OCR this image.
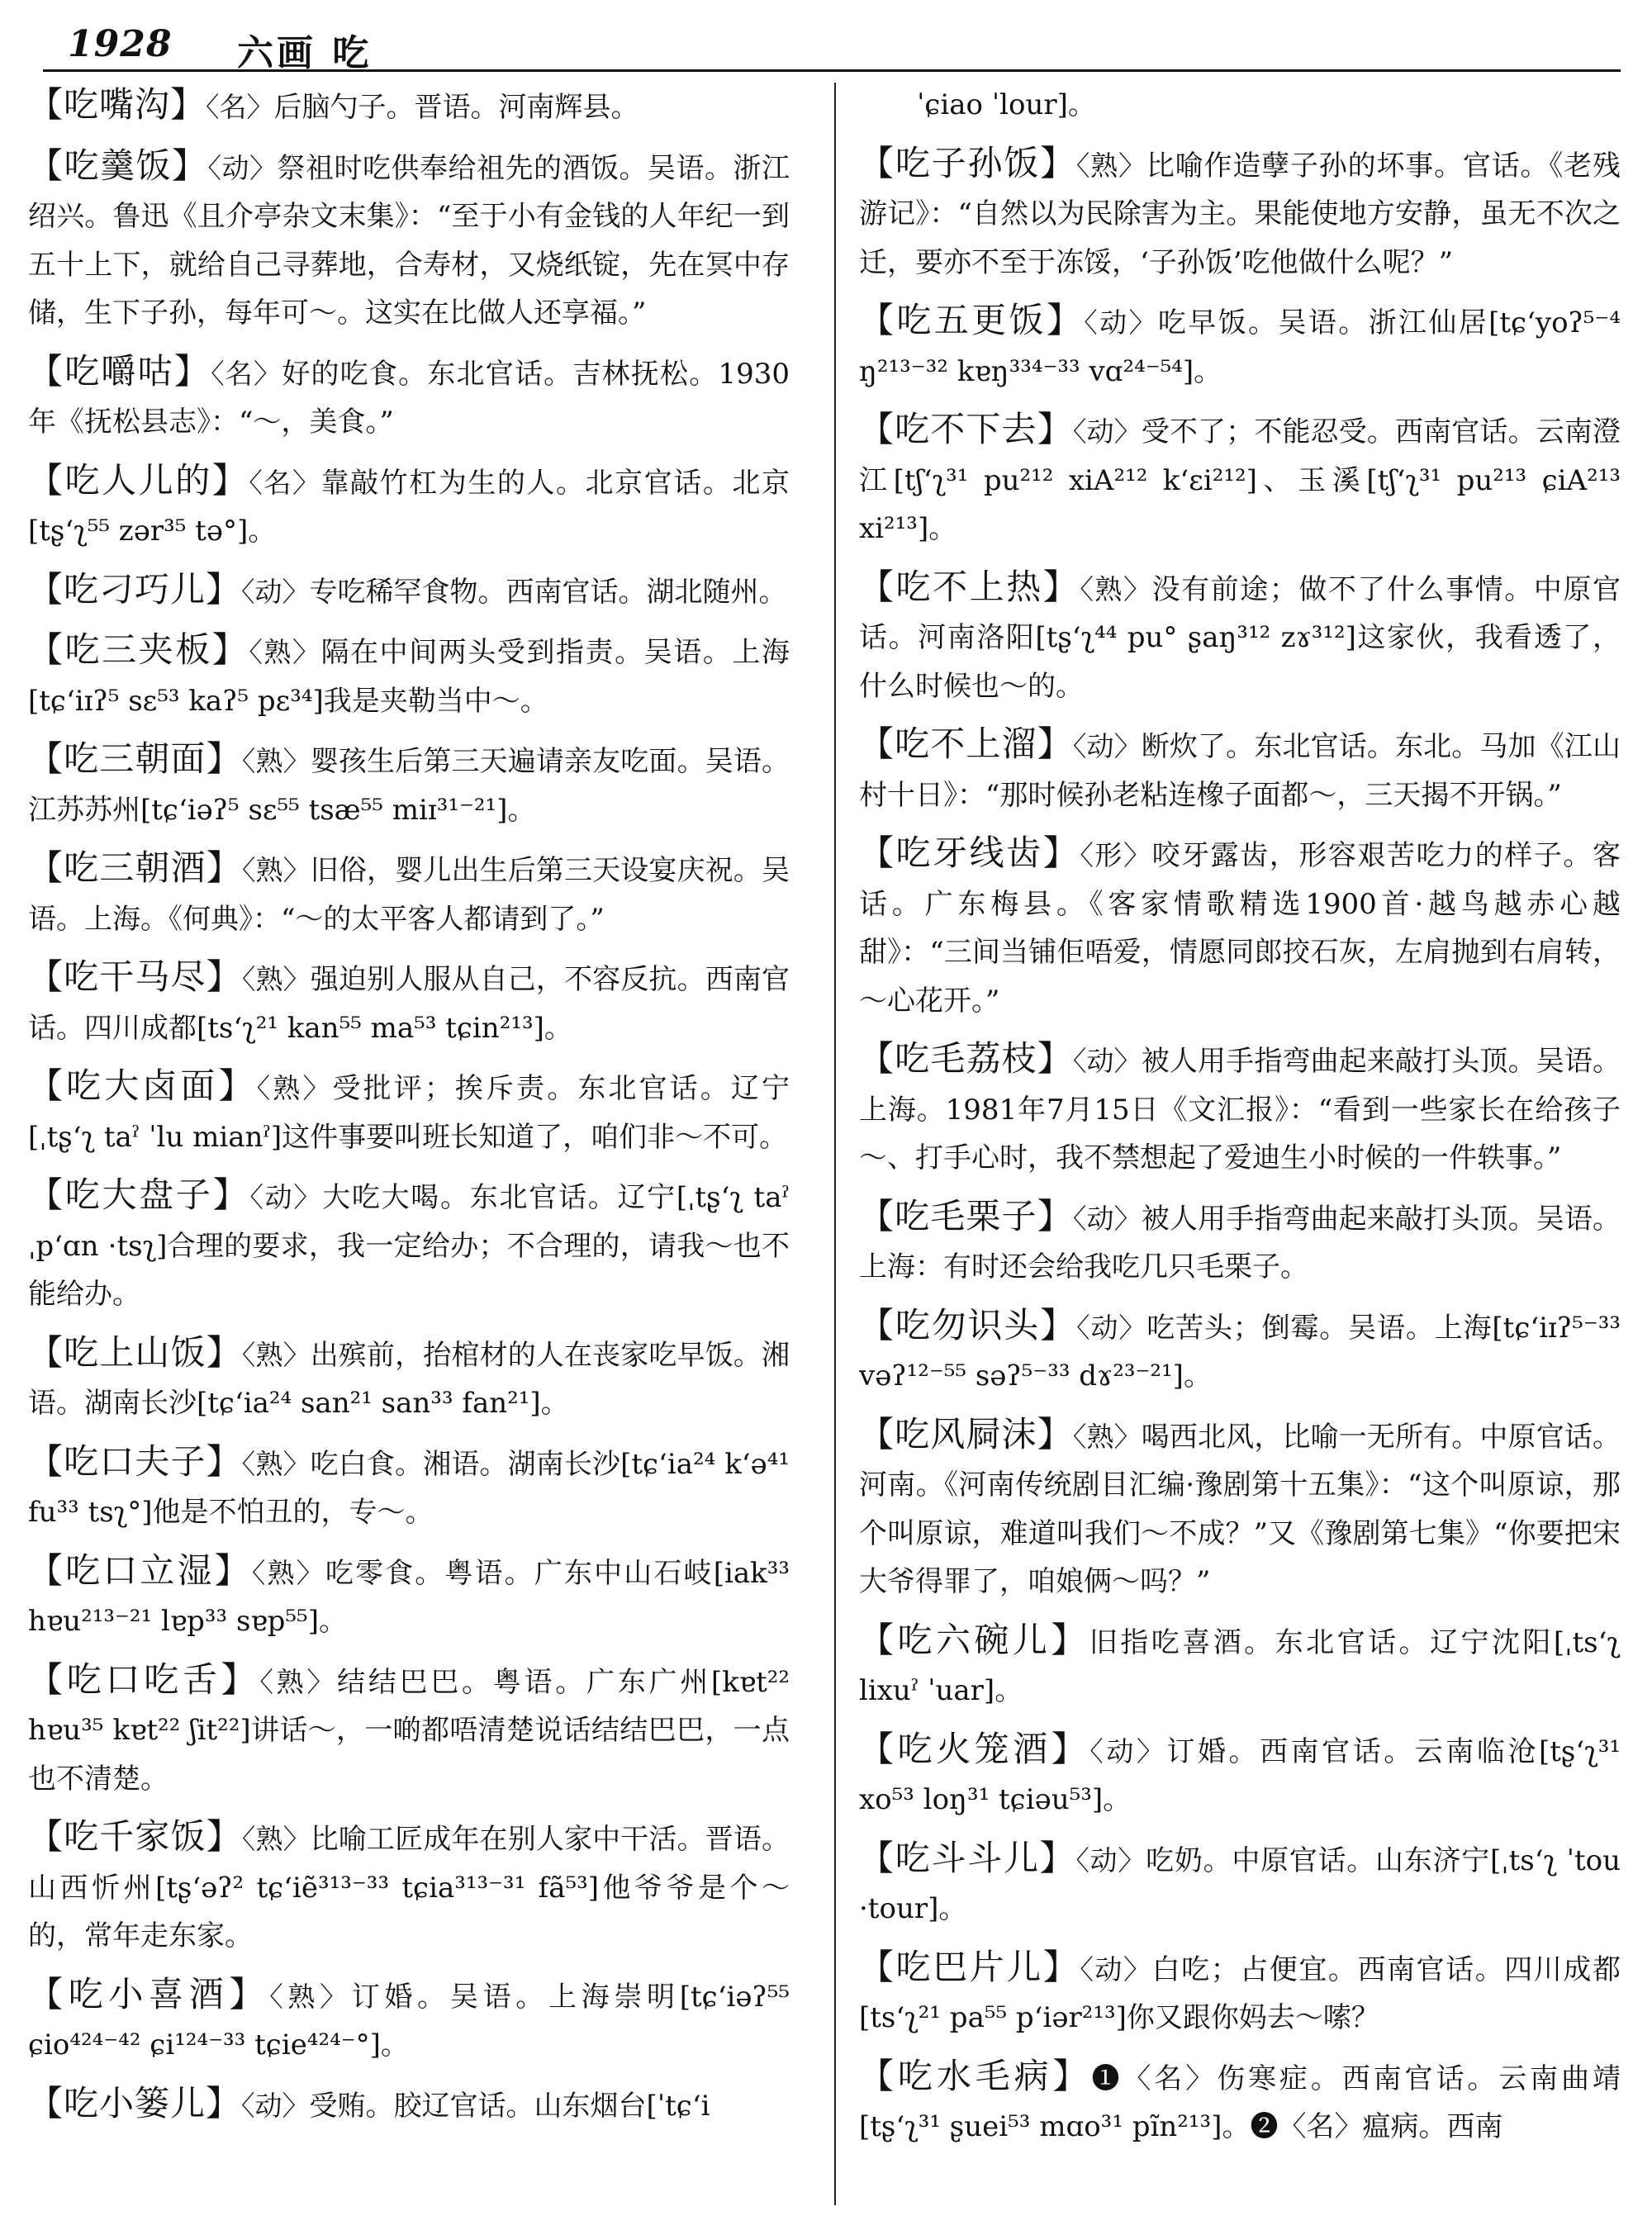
1928 六画 吃
【吃嘴沟】〈名〉后脑勺子。晋语。河南辉县。
【吃羹饭】〈动〉祭祖时吃供奉给祖先的酒饭。吴语。浙江绍兴。鲁迅《且介亭杂文末集》：“至于小有金钱的人年纪一到五十上下，就给自己寻葬地，合寿材，又烧纸锭，先在冥中存储，生下子孙，每年可～。这实在比做人还享福。”
【吃嚼咕】〈名〉好的吃食。东北官话。吉林抚松。1930年《抚松县志》：“～，美食。”
【吃人儿的】〈名〉靠敲竹杠为生的人。北京官话。北京[tʂʻʅ⁵⁵ zər³⁵ tə°]。
【吃刁巧儿】〈动〉专吃稀罕食物。西南官话。湖北随州。
【吃三夹板】〈熟〉隔在中间两头受到指责。吴语。上海[tɕʻiɪʔ⁵ sɛ⁵³ kaʔ⁵ pɛ³⁴]我是夹勒当中～。
【吃三朝面】〈熟〉婴孩生后第三天遍请亲友吃面。吴语。江苏苏州[tɕʻiəʔ⁵ sɛ⁵⁵ tsæ⁵⁵ miɪ³¹⁻²¹]。
【吃三朝酒】〈熟〉旧俗，婴儿出生后第三天设宴庆祝。吴语。上海。《何典》：“～的太平客人都请到了。”
【吃干马尽】〈熟〉强迫别人服从自己，不容反抗。西南官话。四川成都[tsʻʅ²¹ kan⁵⁵ ma⁵³ tɕin²¹³]。
【吃大卤面】〈熟〉受批评；挨斥责。东北官话。辽宁[ˌtʂʻʅ taˀ ˈlu mianˀ]这件事要叫班长知道了，咱们非～不可。
【吃大盘子】〈动〉大吃大喝。东北官话。辽宁[ˌtʂʻʅ taˀ ˌpʻɑn ·tsʅ]合理的要求，我一定给办；不合理的，请我～也不能给办。
【吃上山饭】〈熟〉出殡前，抬棺材的人在丧家吃早饭。湘语。湖南长沙[tɕʻia²⁴ san²¹ san³³ fan²¹]。
【吃口夫子】〈熟〉吃白食。湘语。湖南长沙[tɕʻia²⁴ kʻə⁴¹ fu³³ tsʅ°]他是不怕丑的，专～。
【吃口立湿】〈熟〉吃零食。粤语。广东中山石岐[iak³³ hɐu²¹³⁻²¹ lɐp³³ sɐp⁵⁵]。
【吃口吃舌】〈熟〉结结巴巴。粤语。广东广州[kɐt²² hɐu³⁵ kɐt²² ʃit²²]讲话～，一啲都唔清楚说话结结巴巴，一点也不清楚。
【吃千家饭】〈熟〉比喻工匠成年在别人家中干活。晋语。山西忻州[tʂʻəʔ² tɕʻiẽ³¹³⁻³³ tɕia³¹³⁻³¹ fã⁵³]他爷爷是个～的，常年走东家。
【吃小喜酒】〈熟〉订婚。吴语。上海崇明[tɕʻiəʔ⁵⁵ ɕio⁴²⁴⁻⁴² ɕi¹²⁴⁻³³ tɕie⁴²⁴⁻°]。
【吃小篓儿】〈动〉受贿。胶辽官话。山东烟台[ˈtɕʻi
ˈɕiao ˈlour]。
【吃子孙饭】〈熟〉比喻作造孽子孙的坏事。官话。《老残游记》：“自然以为民除害为主。果能使地方安静，虽无不次之迁，要亦不至于冻馁，‘子孙饭’吃他做什么呢？”
【吃五更饭】〈动〉吃早饭。吴语。浙江仙居[tɕʻyoʔ⁵⁻⁴ ŋ²¹³⁻³² kɐŋ³³⁴⁻³³ vɑ²⁴⁻⁵⁴]。
【吃不下去】〈动〉受不了；不能忍受。西南官话。云南澄江[tʃʻʅ³¹ pu²¹² xiA²¹² kʻɛi²¹²]、玉溪[tʃʻʅ³¹ pu²¹³ ɕiA²¹³ xi²¹³]。
【吃不上热】〈熟〉没有前途；做不了什么事情。中原官话。河南洛阳[tʂʻʅ⁴⁴ pu° ʂaŋ³¹² zɤ³¹²]这家伙，我看透了，什么时候也～的。
【吃不上溜】〈动〉断炊了。东北官话。东北。马加《江山村十日》：“那时候孙老粘连橡子面都～，三天揭不开锅。”
【吃牙线齿】〈形〉咬牙露齿，形容艰苦吃力的样子。客话。广东梅县。《客家情歌精选1900首·越鸟越赤心越甜》：“三间当铺佢唔爱，情愿同郎挍石灰，左肩抛到右肩转，～心花开。”
【吃毛荔枝】〈动〉被人用手指弯曲起来敲打头顶。吴语。上海。1981年7月15日《文汇报》：“看到一些家长在给孩子～、打手心时，我不禁想起了爱迪生小时候的一件轶事。”
【吃毛栗子】〈动〉被人用手指弯曲起来敲打头顶。吴语。上海：有时还会给我吃几只毛栗子。
【吃勿识头】〈动〉吃苦头；倒霉。吴语。上海[tɕʻiɪʔ⁵⁻³³ vəʔ¹²⁻⁵⁵ səʔ⁵⁻³³ dɤ²³⁻²¹]。
【吃风屙沫】〈熟〉喝西北风，比喻一无所有。中原官话。河南。《河南传统剧目汇编·豫剧第十五集》：“这个叫原谅，那个叫原谅，难道叫我们～不成？”又《豫剧第七集》“你要把宋大爷得罪了，咱娘俩～吗？”
【吃六碗儿】旧指吃喜酒。东北官话。辽宁沈阳[ˌtsʻʅ lixuˀ ˈuar]。
【吃火笼酒】〈动〉订婚。西南官话。云南临沧[tʂʻʅ³¹ xo⁵³ loŋ³¹ tɕiəu⁵³]。
【吃斗斗儿】〈动〉吃奶。中原官话。山东济宁[ˌtsʻʅ ˈtou ·tour]。
【吃巴片儿】〈动〉白吃；占便宜。西南官话。四川成都[tsʻʅ²¹ pa⁵⁵ pʻiər²¹³]你又跟你妈去～嗦？
【吃水毛病】❶〈名〉伤寒症。西南官话。云南曲靖[tʂʻʅ³¹ ʂuei⁵³ mɑo³¹ pĩn²¹³]。❷〈名〉瘟病。西南
